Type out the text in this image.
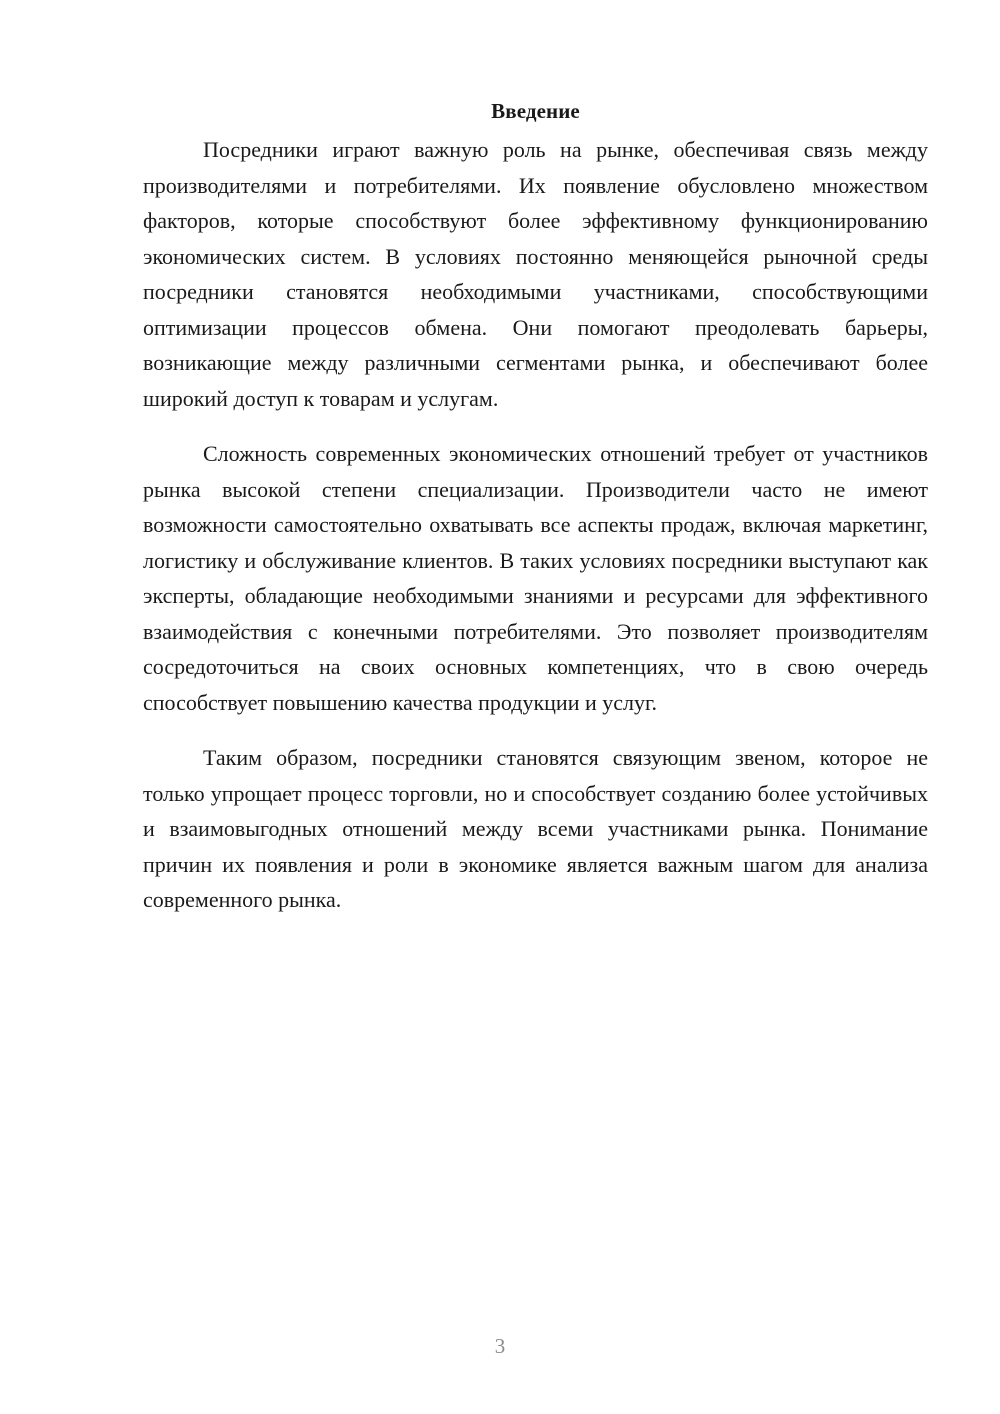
Введение

Посредники играют важную роль на рынке, обеспечивая связь между производителями и потребителями. Их появление обусловлено множеством факторов, которые способствуют более эффективному функционированию экономических систем. В условиях постоянно меняющейся рыночной среды посредники становятся необходимыми участниками, способствующими оптимизации процессов обмена. Они помогают преодолевать барьеры, возникающие между различными сегментами рынка, и обеспечивают более широкий доступ к товарам и услугам.

Сложность современных экономических отношений требует от участников рынка высокой степени специализации. Производители часто не имеют возможности самостоятельно охватывать все аспекты продаж, включая маркетинг, логистику и обслуживание клиентов. В таких условиях посредники выступают как эксперты, обладающие необходимыми знаниями и ресурсами для эффективного взаимодействия с конечными потребителями. Это позволяет производителям сосредоточиться на своих основных компетенциях, что в свою очередь способствует повышению качества продукции и услуг.

Таким образом, посредники становятся связующим звеном, которое не только упрощает процесс торговли, но и способствует созданию более устойчивых и взаимовыгодных отношений между всеми участниками рынка. Понимание причин их появления и роли в экономике является важным шагом для анализа современного рынка.

3
